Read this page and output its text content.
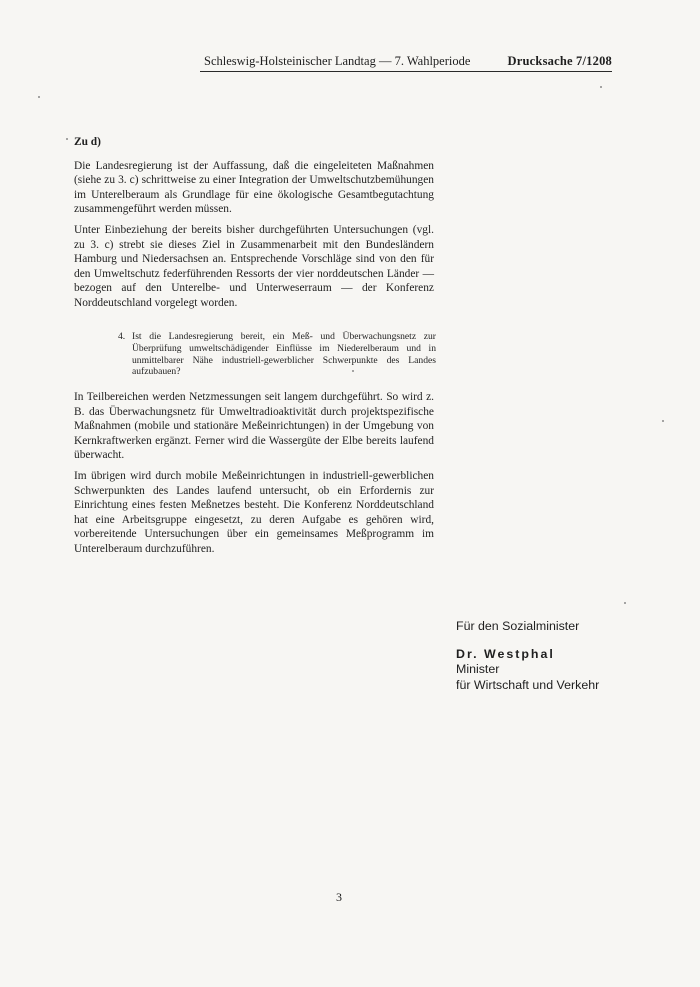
Schleswig-Holsteinischer Landtag — 7. Wahlperiode	Drucksache 7/1208

Zu d)

Die Landesregierung ist der Auffassung, daß die eingeleiteten Maßnahmen (siehe zu 3. c) schrittweise zu einer Integration der Umweltschutzbemühungen im Unterelberaum als Grundlage für eine ökologische Gesamtbegutachtung zusammengeführt werden müssen.

Unter Einbeziehung der bereits bisher durchgeführten Untersuchungen (vgl. zu 3. c) strebt sie dieses Ziel in Zusammenarbeit mit den Bundesländern Hamburg und Niedersachsen an. Entsprechende Vorschläge sind von den für den Umweltschutz federführenden Ressorts der vier norddeutschen Länder — bezogen auf den Unterelbe- und Unterweserraum — der Konferenz Norddeutschland vorgelegt worden.

4. Ist die Landesregierung bereit, ein Meß- und Überwachungsnetz zur Überprüfung umweltschädigender Einflüsse im Niederelberaum und in unmittelbarer Nähe industriell-gewerblicher Schwerpunkte des Landes aufzubauen?

In Teilbereichen werden Netzmessungen seit langem durchgeführt. So wird z. B. das Überwachungsnetz für Umweltradioaktivität durch projektspezifische Maßnahmen (mobile und stationäre Meßeinrichtungen) in der Umgebung von Kernkraftwerken ergänzt. Ferner wird die Wassergüte der Elbe bereits laufend überwacht.

Im übrigen wird durch mobile Meßeinrichtungen in industriell-gewerblichen Schwerpunkten des Landes laufend untersucht, ob ein Erfordernis zur Einrichtung eines festen Meßnetzes besteht. Die Konferenz Norddeutschland hat eine Arbeitsgruppe eingesetzt, zu deren Aufgabe es gehören wird, vorbereitende Untersuchungen über ein gemeinsames Meßprogramm im Unterelberaum durchzuführen.

Für den Sozialminister

Dr. Westphal

Minister

für Wirtschaft und Verkehr

3
